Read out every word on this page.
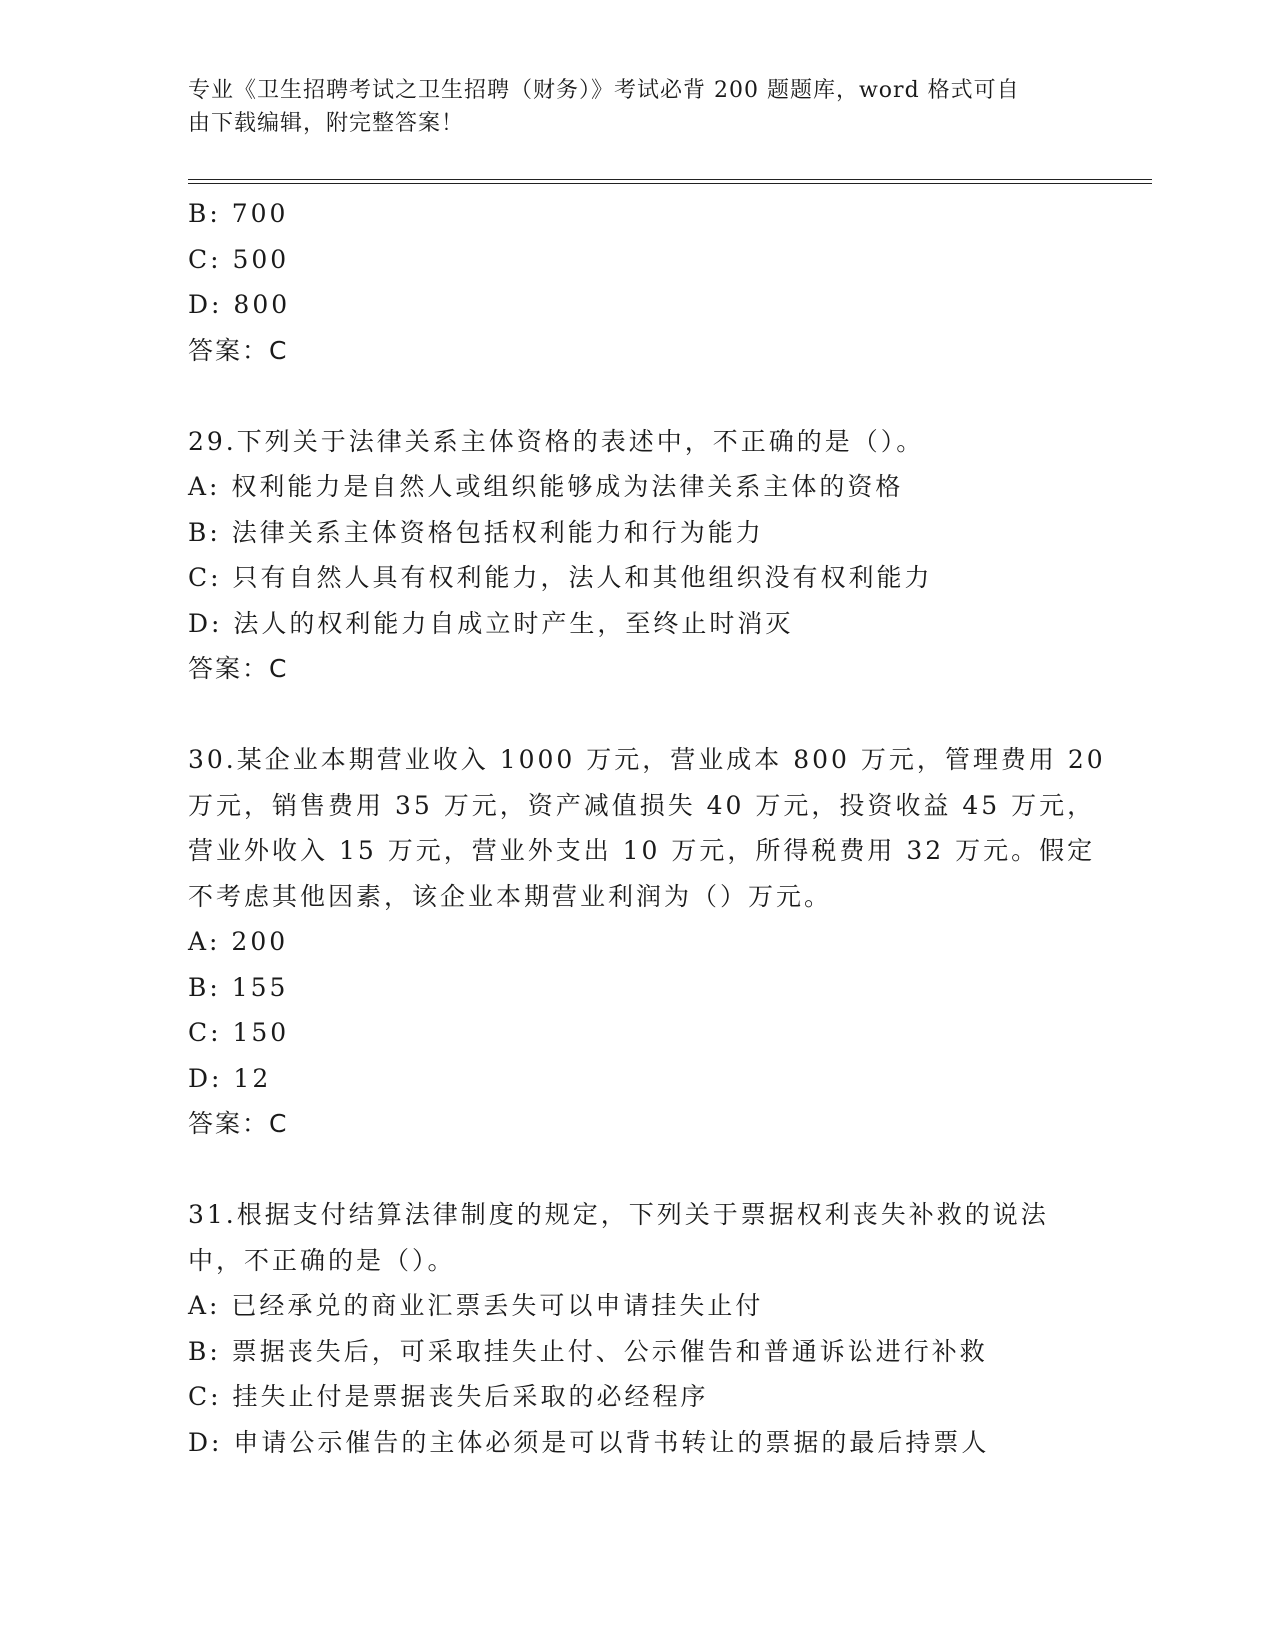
专业《卫生招聘考试之卫生招聘（财务）》考试必背 200 题题库，word 格式可自
由下载编辑，附完整答案！
B: 700
C: 500
D: 800
答案：C
29.下列关于法律关系主体资格的表述中，不正确的是（）。
A: 权利能力是自然人或组织能够成为法律关系主体的资格
B: 法律关系主体资格包括权利能力和行为能力
C: 只有自然人具有权利能力，法人和其他组织没有权利能力
D: 法人的权利能力自成立时产生，至终止时消灭
答案：C
30.某企业本期营业收入 1000 万元，营业成本 800 万元，管理费用 20
万元，销售费用 35 万元，资产减值损失 40 万元，投资收益 45 万元，
营业外收入 15 万元，营业外支出 10 万元，所得税费用 32 万元。假定
不考虑其他因素，该企业本期营业利润为（）万元。
A: 200
B: 155
C: 150
D: 12
答案：C
31.根据支付结算法律制度的规定，下列关于票据权利丧失补救的说法
中，不正确的是（）。
A: 已经承兑的商业汇票丢失可以申请挂失止付
B: 票据丧失后，可采取挂失止付、公示催告和普通诉讼进行补救
C: 挂失止付是票据丧失后采取的必经程序
D: 申请公示催告的主体必须是可以背书转让的票据的最后持票人
